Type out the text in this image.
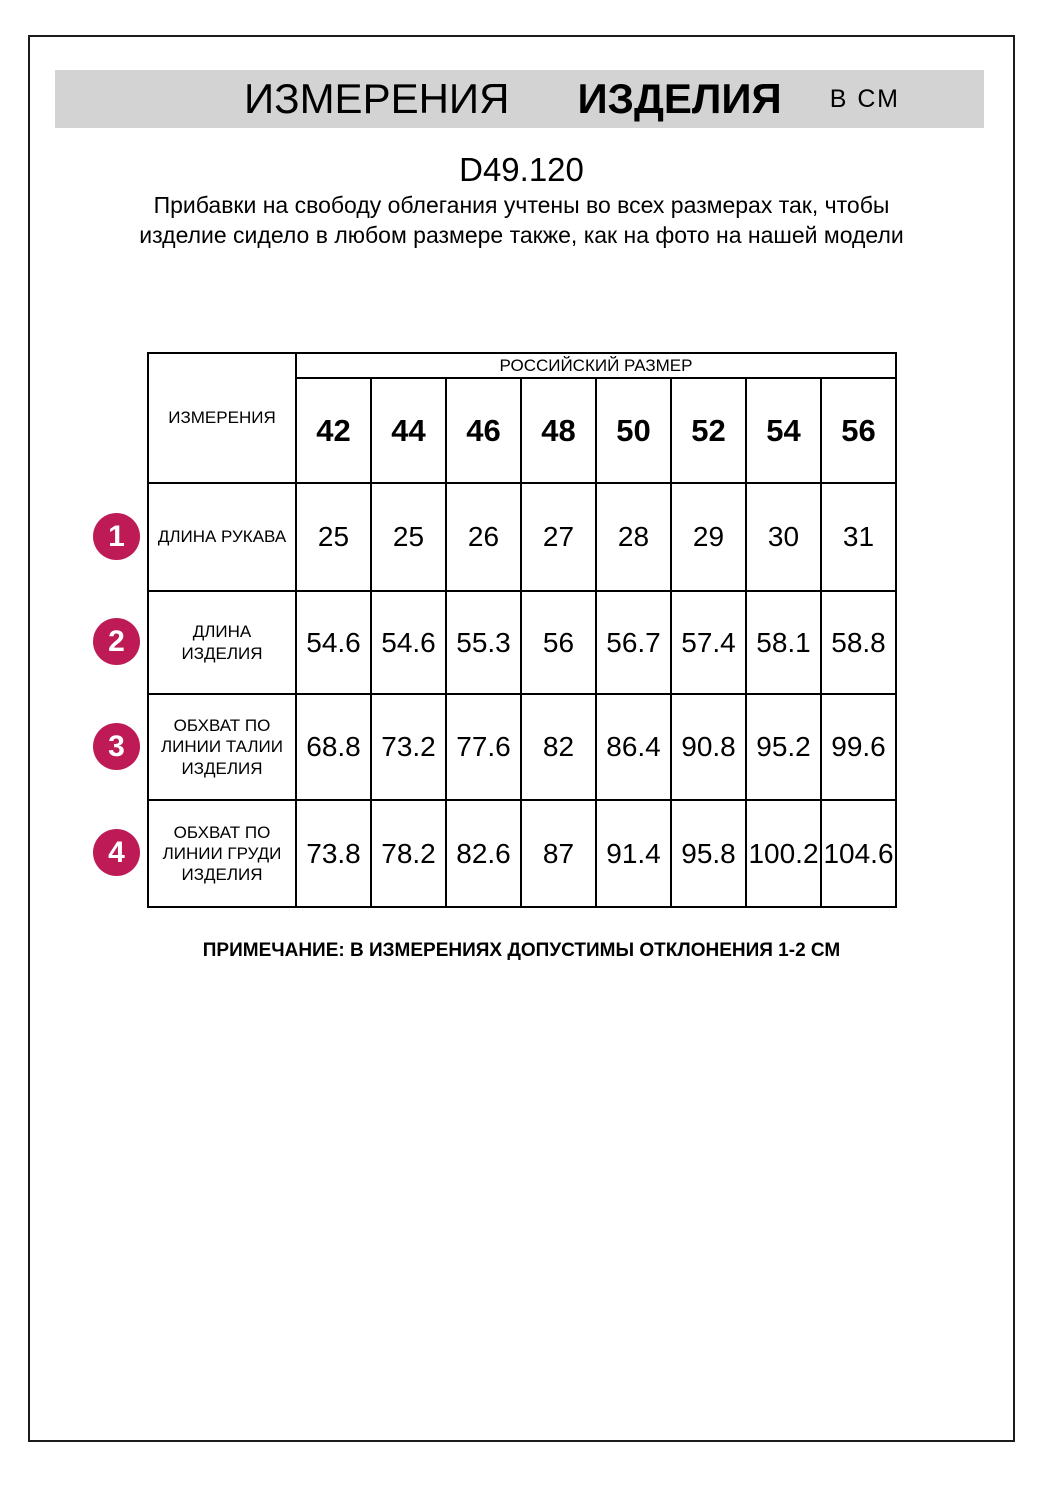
ИЗМЕРЕНИЯ ИЗДЕЛИЯ В СМ
D49.120
Прибавки на свободу облегания учтены во всех размерах так, чтобы изделие сидело в любом размере также, как на фото на нашей модели
ИЗМЕРЕНИЯ	РОССИЙСКИЙ РАЗМЕР							
	42	44	46	48	50	52	54	56
ДЛИНА РУКАВА	25	25	26	27	28	29	30	31
ДЛИНА ИЗДЕЛИЯ	54.6	54.6	55.3	56	56.7	57.4	58.1	58.8
ОБХВАТ ПО ЛИНИИ ТАЛИИ ИЗДЕЛИЯ	68.8	73.2	77.6	82	86.4	90.8	95.2	99.6
ОБХВАТ ПО ЛИНИИ ГРУДИ ИЗДЕЛИЯ	73.8	78.2	82.6	87	91.4	95.8	100.2	104.6
1
2
3
4
ПРИМЕЧАНИЕ: В ИЗМЕРЕНИЯХ ДОПУСТИМЫ ОТКЛОНЕНИЯ 1-2 СМ
